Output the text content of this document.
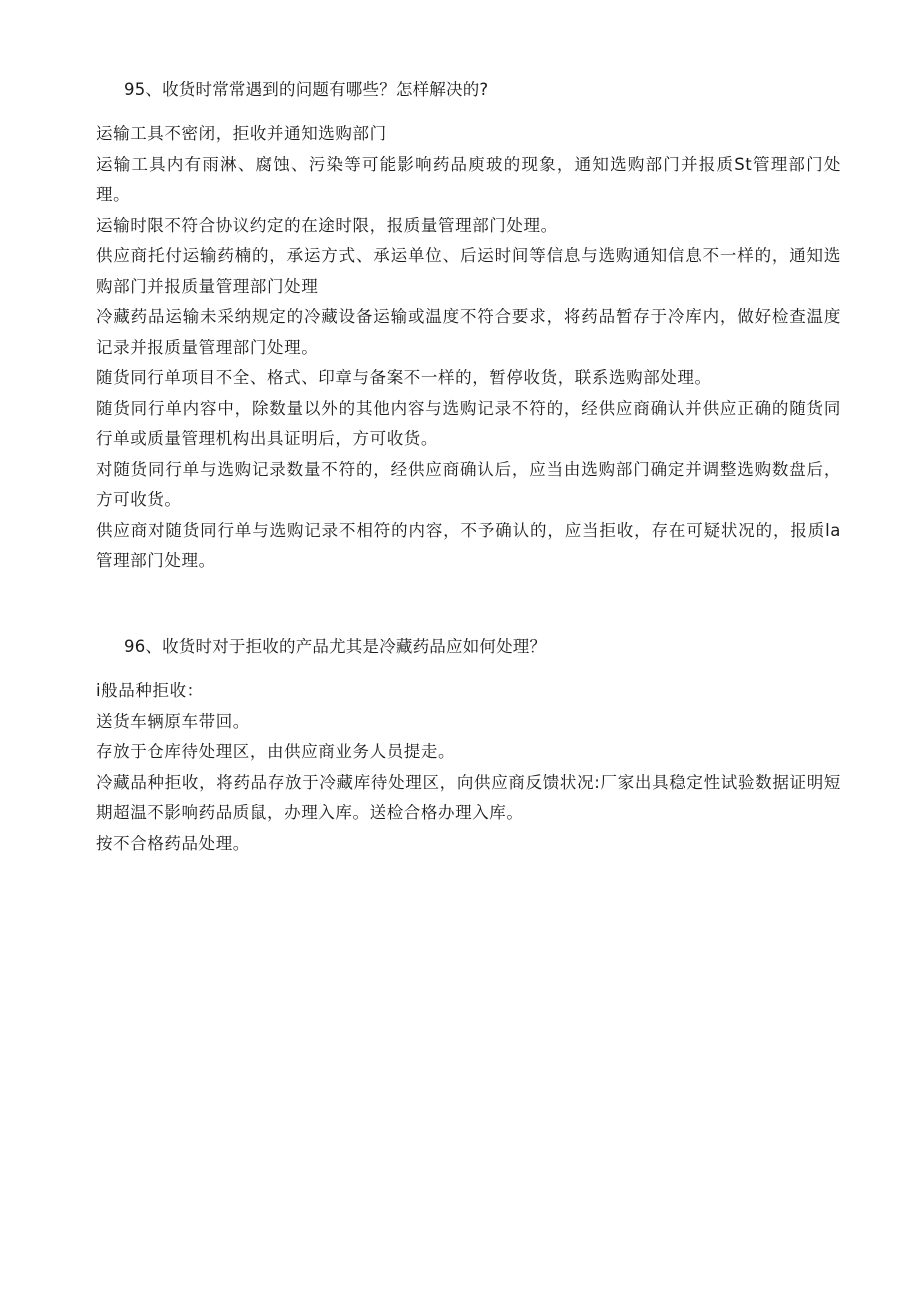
95、收货时常常遇到的问题有哪些？怎样解决的?

运输工具不密闭，拒收并通知选购部门

运输工具内有雨淋、腐蚀、污染等可能影响药品庾玻的现象，通知选购部门并报质St管理部门处理。

运输时限不符合协议约定的在途时限，报质量管理部门处理。

供应商托付运输药楠的，承运方式、承运单位、后运时间等信息与选购通知信息不一样的，通知选购部门并报质量管理部门处理

冷藏药品运输未采纳规定的冷藏设备运输或温度不符合要求，将药品暂存于冷库内，做好检查温度记录并报质量管理部门处理。

随货同行单项目不全、格式、印章与备案不一样的，暂停收货，联系选购部处理。

随货同行单内容中，除数量以外的其他内容与选购记录不符的，经供应商确认并供应正确的随货同行单或质量管理机构出具证明后，方可收货。

对随货同行单与选购记录数量不符的，经供应商确认后，应当由选购部门确定并调整选购数盘后，方可收货。

供应商对随货同行单与选购记录不相符的内容，不予确认的，应当拒收，存在可疑状况的，报质la管理部门处理。

96、收货时对于拒收的产品尤其是冷藏药品应如何处理？

i般品种拒收：

送货车辆原车带回。

存放于仓库待处理区，由供应商业务人员提走。

冷藏品种拒收，将药品存放于冷藏库待处理区，向供应商反馈状况:厂家出具稳定性试验数据证明短期超温不影响药品质鼠，办理入库。送检合格办理入库。

按不合格药品处理。
